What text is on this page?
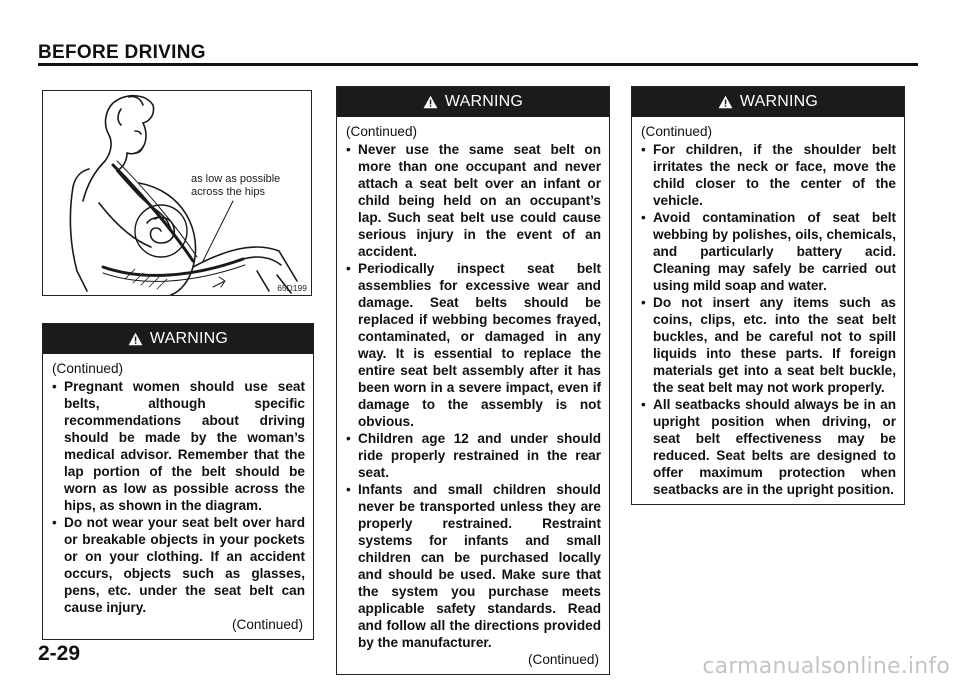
BEFORE DRIVING
as low as possible
across the hips
65D199
WARNING

(Continued)

• Pregnant women should use seat belts, although specific recommendations about driving should be made by the woman’s medical advisor. Remember that the lap portion of the belt should be worn as low as possible across the hips, as shown in the diagram.
• Do not wear your seat belt over hard or breakable objects in your pockets or on your clothing. If an accident occurs, objects such as glasses, pens, etc. under the seat belt can cause injury.

(Continued)

WARNING

(Continued)

• Never use the same seat belt on more than one occupant and never attach a seat belt over an infant or child being held on an occupant’s lap. Such seat belt use could cause serious injury in the event of an accident.
• Periodically inspect seat belt assemblies for excessive wear and damage. Seat belts should be replaced if webbing becomes frayed, contaminated, or damaged in any way. It is essential to replace the entire seat belt assembly after it has been worn in a severe impact, even if damage to the assembly is not obvious.
• Children age 12 and under should ride properly restrained in the rear seat.
• Infants and small children should never be transported unless they are properly restrained. Restraint systems for infants and small children can be purchased locally and should be used. Make sure that the system you purchase meets applicable safety standards. Read and follow all the directions provided by the manufacturer.

(Continued)

WARNING

(Continued)

• For children, if the shoulder belt irritates the neck or face, move the child closer to the center of the vehicle.
• Avoid contamination of seat belt webbing by polishes, oils, chemicals, and particularly battery acid. Cleaning may safely be carried out using mild soap and water.
• Do not insert any items such as coins, clips, etc. into the seat belt buckles, and be careful not to spill liquids into these parts. If foreign materials get into a seat belt buckle, the seat belt may not work properly.
• All seatbacks should always be in an upright position when driving, or seat belt effectiveness may be reduced. Seat belts are designed to offer maximum protection when seatbacks are in the upright position.
2-29
carmanualsonline.info
